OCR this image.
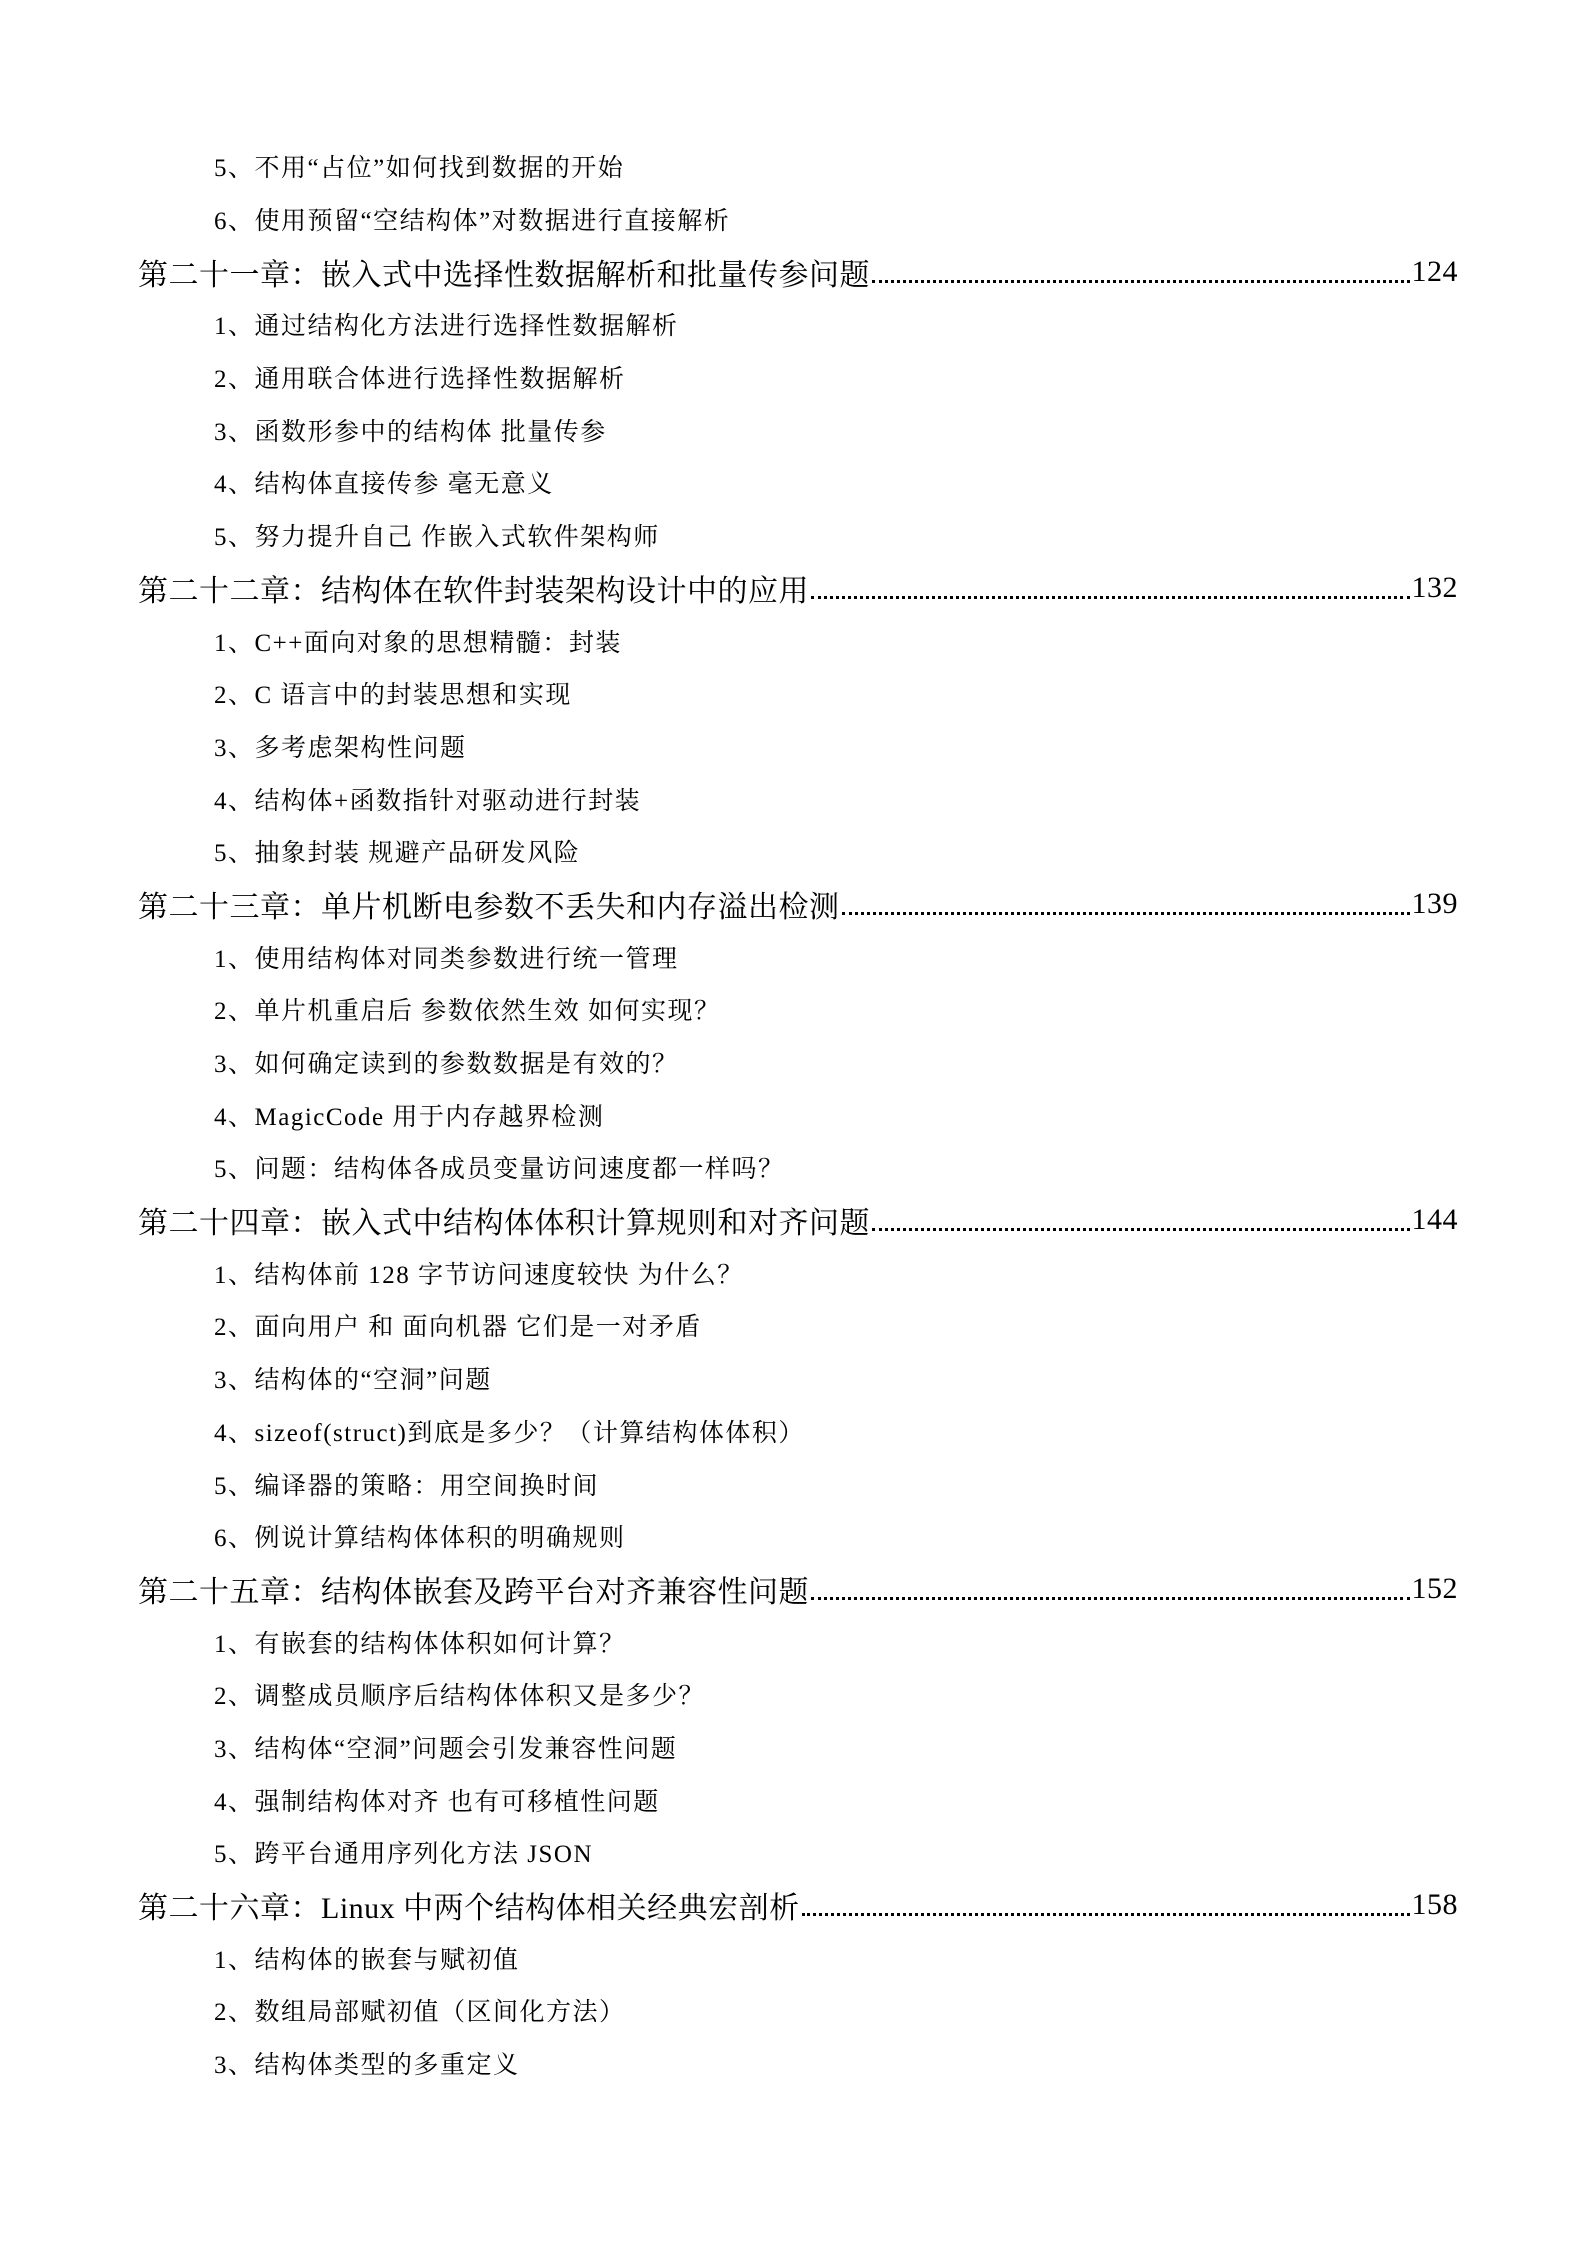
5、不用“占位”如何找到数据的开始
6、使用预留“空结构体”对数据进行直接解析
第二十一章：嵌入式中选择性数据解析和批量传参问题	124
1、通过结构化方法进行选择性数据解析
2、通用联合体进行选择性数据解析
3、函数形参中的结构体 批量传参
4、结构体直接传参 毫无意义
5、努力提升自己 作嵌入式软件架构师
第二十二章：结构体在软件封装架构设计中的应用	132
1、C++面向对象的思想精髓：封装
2、C 语言中的封装思想和实现
3、多考虑架构性问题
4、结构体+函数指针对驱动进行封装
5、抽象封装 规避产品研发风险
第二十三章：单片机断电参数不丢失和内存溢出检测	139
1、使用结构体对同类参数进行统一管理
2、单片机重启后 参数依然生效 如何实现？
3、如何确定读到的参数数据是有效的？
4、MagicCode 用于内存越界检测
5、问题：结构体各成员变量访问速度都一样吗？
第二十四章：嵌入式中结构体体积计算规则和对齐问题	144
1、结构体前 128 字节访问速度较快 为什么？
2、面向用户 和 面向机器 它们是一对矛盾
3、结构体的“空洞”问题
4、sizeof(struct)到底是多少？（计算结构体体积）
5、编译器的策略：用空间换时间
6、例说计算结构体体积的明确规则
第二十五章：结构体嵌套及跨平台对齐兼容性问题	152
1、有嵌套的结构体体积如何计算？
2、调整成员顺序后结构体体积又是多少？
3、结构体“空洞”问题会引发兼容性问题
4、强制结构体对齐 也有可移植性问题
5、跨平台通用序列化方法 JSON
第二十六章：Linux 中两个结构体相关经典宏剖析	158
1、结构体的嵌套与赋初值
2、数组局部赋初值（区间化方法）
3、结构体类型的多重定义
